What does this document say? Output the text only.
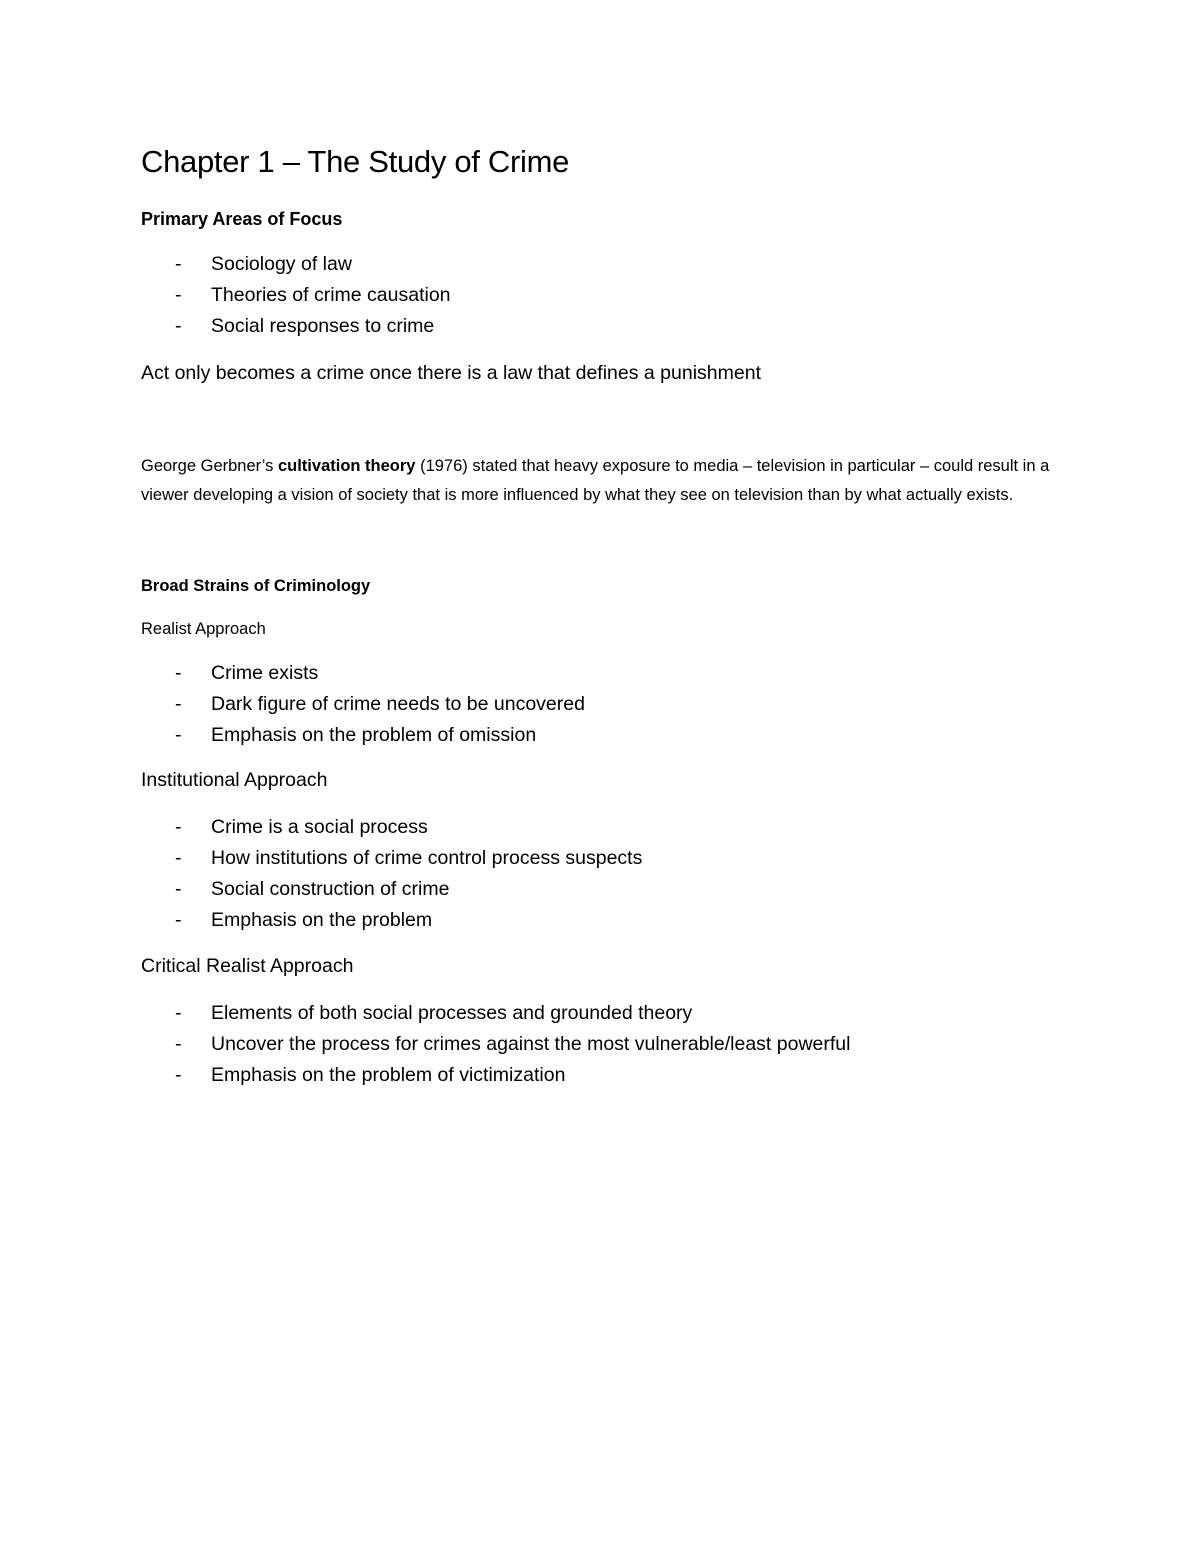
Chapter 1 – The Study of Crime
Primary Areas of Focus
- Sociology of law
- Theories of crime causation
- Social responses to crime

Act only becomes a crime once there is a law that defines a punishment

George Gerbner’s cultivation theory (1976) stated that heavy exposure to media – television in particular – could result in a viewer developing a vision of society that is more influenced by what they see on television than by what actually exists.

Broad Strains of Criminology

Realist Approach

- Crime exists
- Dark figure of crime needs to be uncovered
- Emphasis on the problem of omission

Institutional Approach

- Crime is a social process
- How institutions of crime control process suspects
- Social construction of crime
- Emphasis on the problem

Critical Realist Approach

- Elements of both social processes and grounded theory
- Uncover the process for crimes against the most vulnerable/least powerful
- Emphasis on the problem of victimization
